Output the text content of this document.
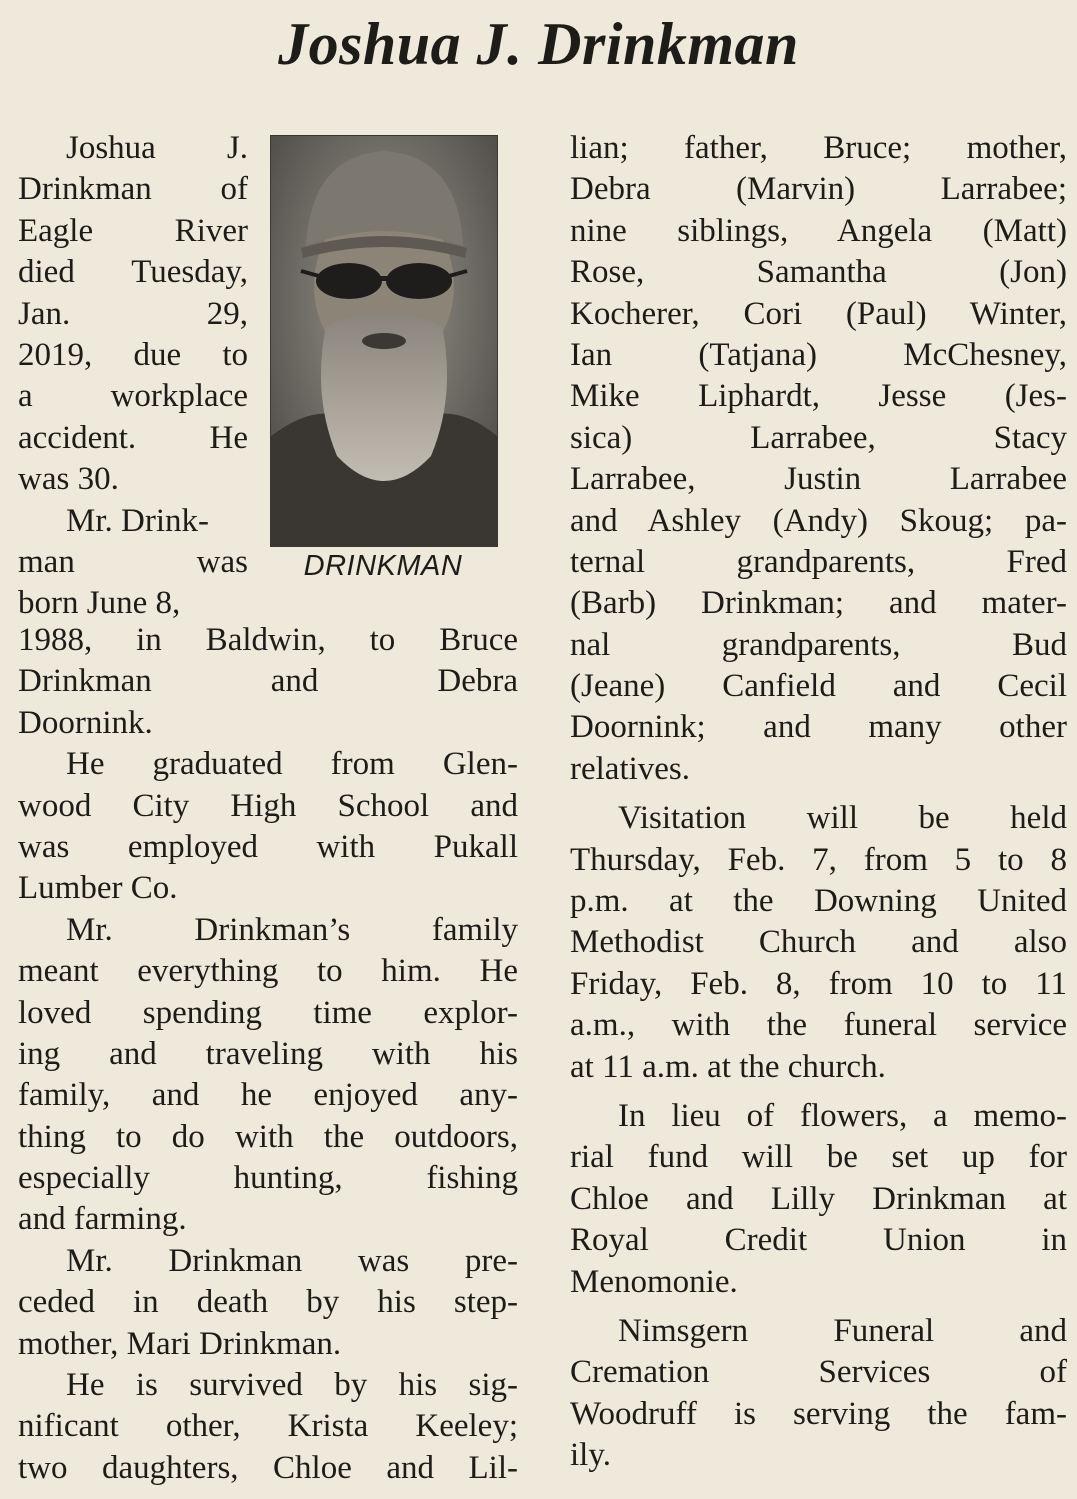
Joshua J. Drinkman
Joshua J.
Drinkman of
Eagle River
died Tuesday,
Jan. 29,
2019, due to
a workplace
accident. He
was 30.
Mr. Drink-
man was
born June 8,
DRINKMAN
1988, in Baldwin, to Bruce
Drinkman and Debra
Doornink.
He graduated from Glen-
wood City High School and
was employed with Pukall
Lumber Co.
Mr. Drinkman’s family
meant everything to him. He
loved spending time explor-
ing and traveling with his
family, and he enjoyed any-
thing to do with the outdoors,
especially hunting, fishing
and farming.
Mr. Drinkman was pre-
ceded in death by his step-
mother, Mari Drinkman.
He is survived by his sig-
nificant other, Krista Keeley;
two daughters, Chloe and Lil-
lian; father, Bruce; mother,
Debra (Marvin) Larrabee;
nine siblings, Angela (Matt)
Rose, Samantha (Jon)
Kocherer, Cori (Paul) Winter,
Ian (Tatjana) McChesney,
Mike Liphardt, Jesse (Jes-
sica) Larrabee, Stacy
Larrabee, Justin Larrabee
and Ashley (Andy) Skoug; pa-
ternal grandparents, Fred
(Barb) Drinkman; and mater-
nal grandparents, Bud
(Jeane) Canfield and Cecil
Doornink; and many other
relatives.
Visitation will be held
Thursday, Feb. 7, from 5 to 8
p.m. at the Downing United
Methodist Church and also
Friday, Feb. 8, from 10 to 11
a.m., with the funeral service
at 11 a.m. at the church.
In lieu of flowers, a memo-
rial fund will be set up for
Chloe and Lilly Drinkman at
Royal Credit Union in
Menomonie.
Nimsgern Funeral and
Cremation Services of
Woodruff is serving the fam-
ily.
